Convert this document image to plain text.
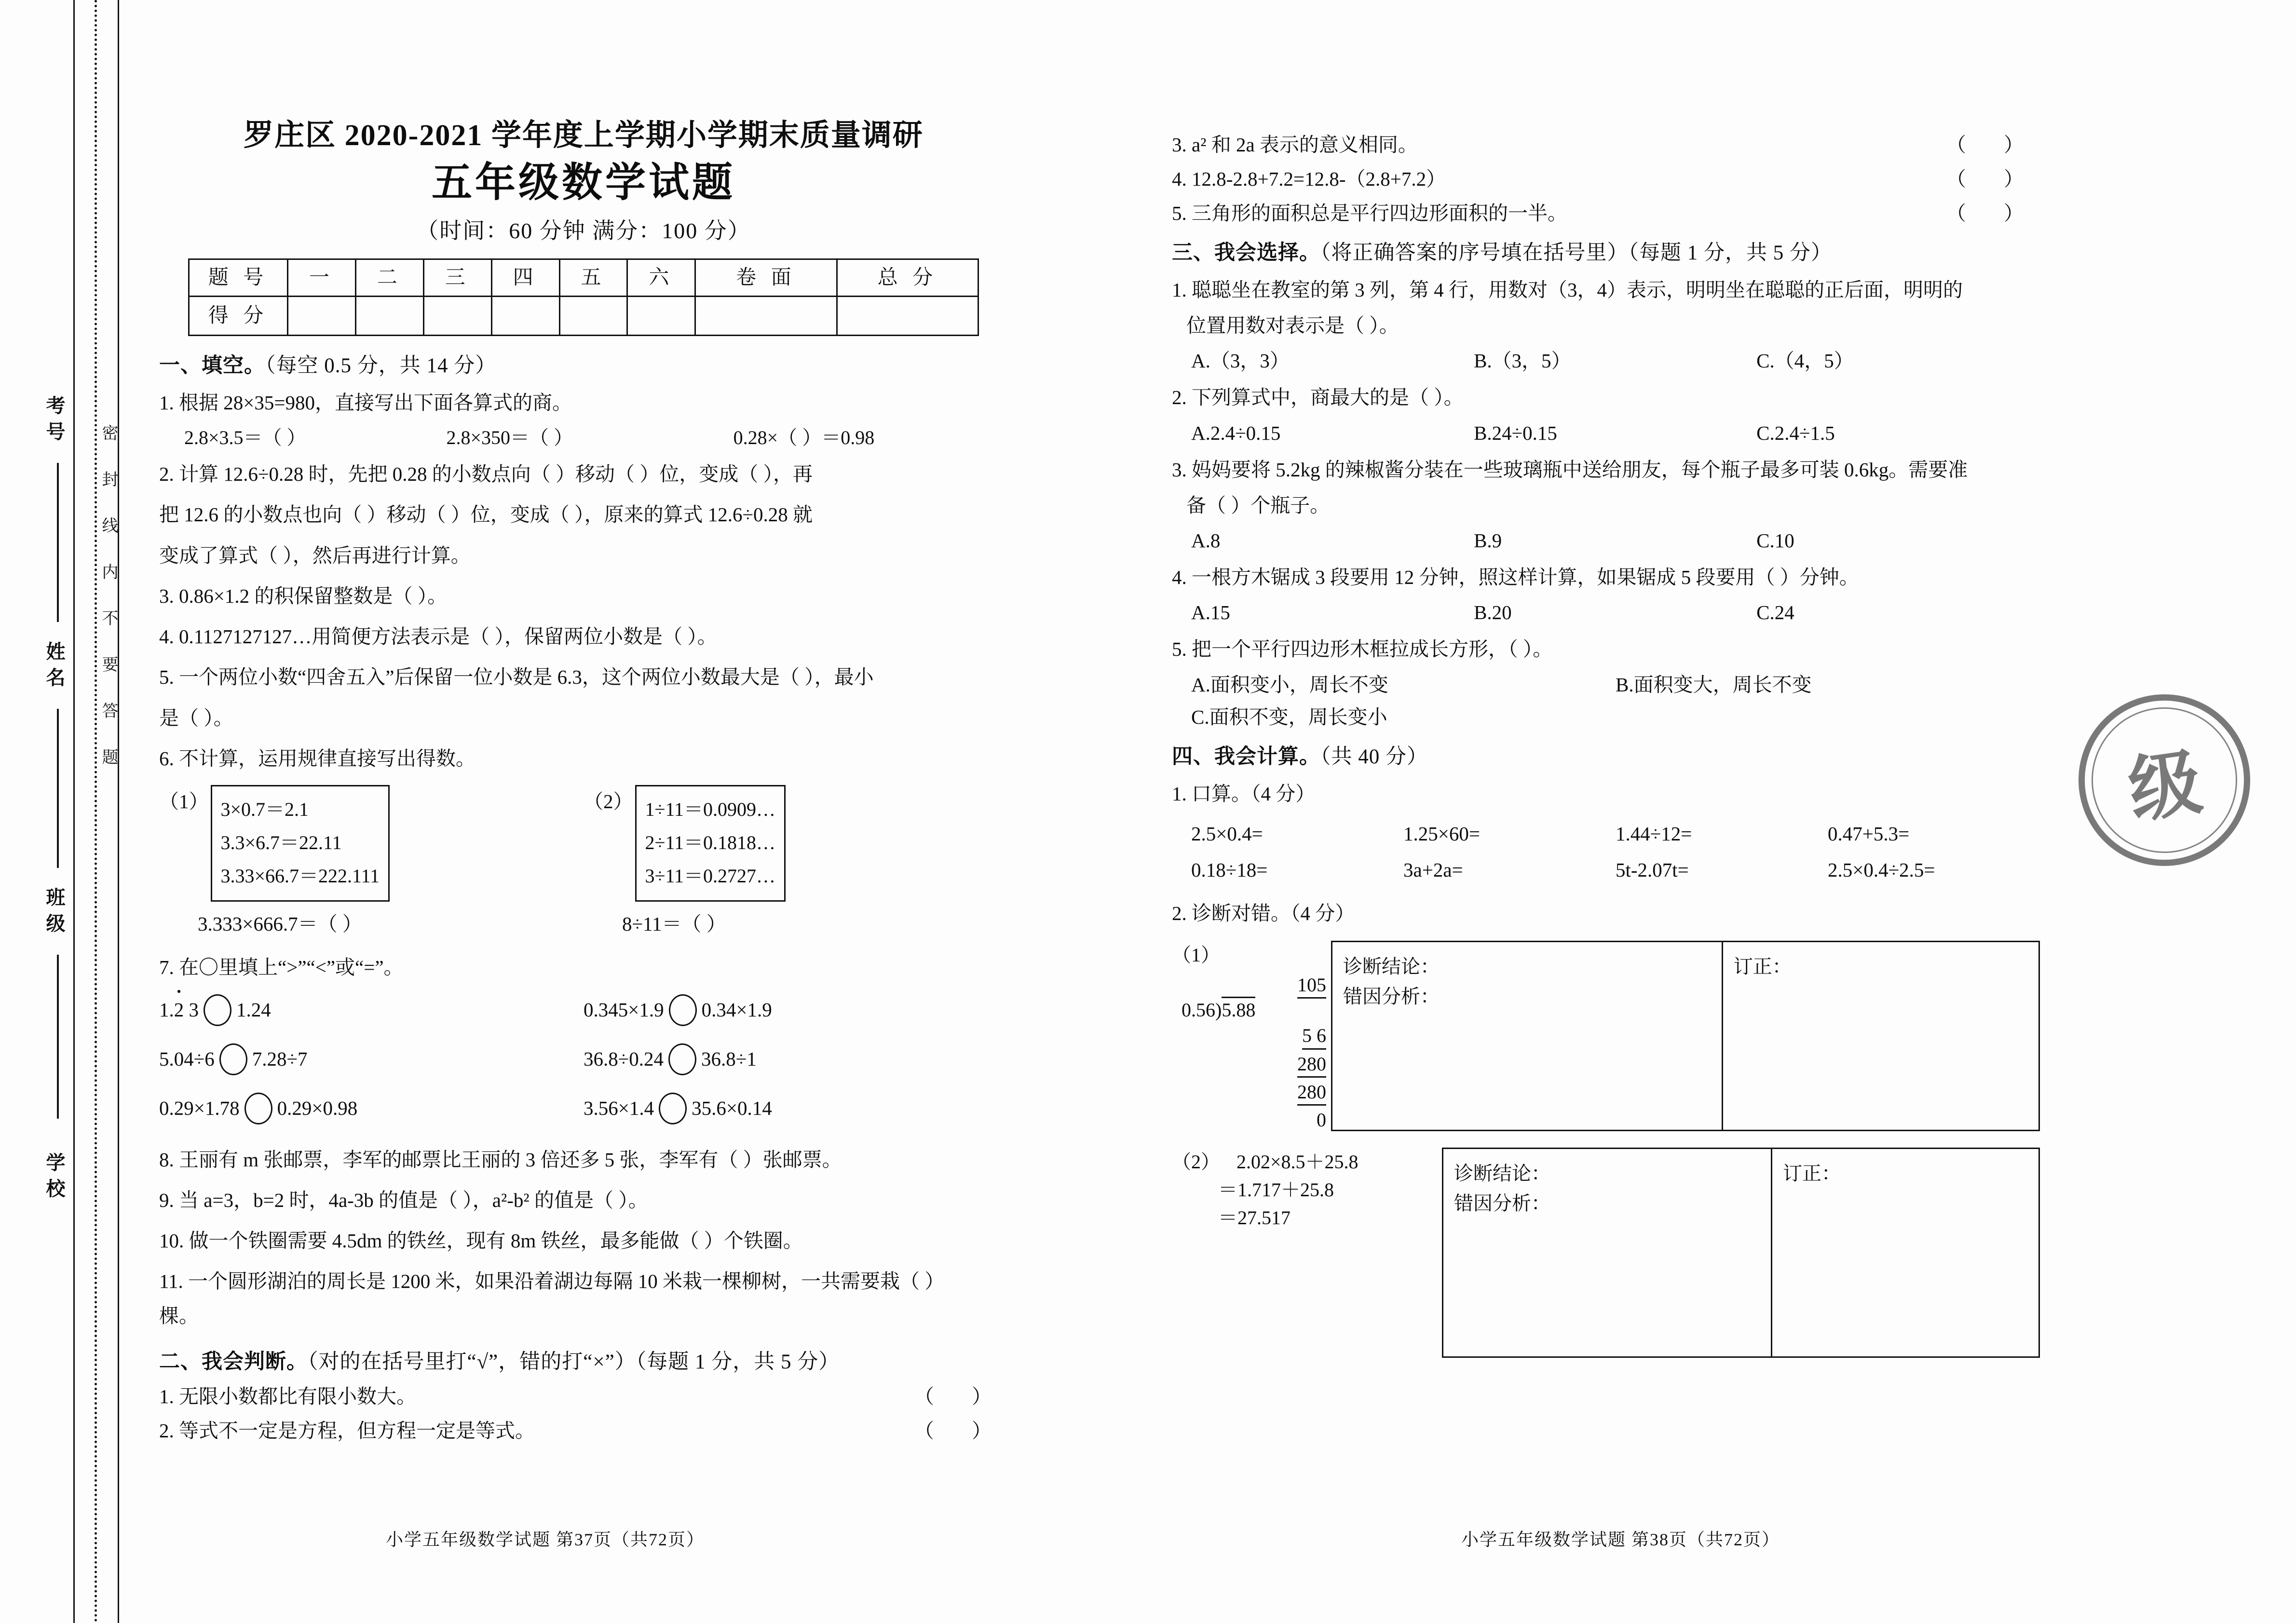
考号
姓名
班级
学校
密封线内不要答题
罗庄区 2020-2021 学年度上学期小学期末质量调研
五年级数学试题
（时间：60 分钟 满分：100 分）
题 号	一	二	三	四	五	六	卷 面	总 分
得 分								
一、填空。（每空 0.5 分，共 14 分）
1. 根据 28×35=980，直接写出下面各算式的商。
2.8×3.5＝（ ）	2.8×350＝（ ）	0.28×（ ）＝0.98
2. 计算 12.6÷0.28 时，先把 0.28 的小数点向（ ）移动（ ）位，变成（ ），再
把 12.6 的小数点也向（ ）移动（ ）位，变成（ ），原来的算式 12.6÷0.28 就
变成了算式（ ），然后再进行计算。
3. 0.86×1.2 的积保留整数是（ ）。
4. 0.1127127127…用简便方法表示是（ ），保留两位小数是（ ）。
5. 一个两位小数“四舍五入”后保留一位小数是 6.3，这个两位小数最大是（ ），最小
是（ ）。
6. 不计算，运用规律直接写出得数。
（1） 3×0.7＝2.1
3.3×6.7＝22.11
3.33×66.7＝222.111
3.333×666.7＝（ ）
（2） 1÷11＝0.0909…
2÷11＝0.1818…
3÷11＝0.2727…
8÷11＝（ ）
7. 在〇里填上“>”“<”或“=”。
• 1.2 3 1.24
5.04÷6 7.28÷7
0.29×1.78 0.29×0.98
0.345×1.9 0.34×1.9
36.8÷0.24 36.8÷1
3.56×1.4 35.6×0.14
8. 王丽有 m 张邮票，李军的邮票比王丽的 3 倍还多 5 张，李军有（ ）张邮票。
9. 当 a=3，b=2 时，4a-3b 的值是（ ），a²-b² 的值是（ ）。
10. 做一个铁圈需要 4.5dm 的铁丝，现有 8m 铁丝，最多能做（ ）个铁圈。
11. 一个圆形湖泊的周长是 1200 米，如果沿着湖边每隔 10 米栽一棵柳树，一共需要栽（ ）
棵。
二、我会判断。（对的在括号里打“√”，错的打“×”）（每题 1 分，共 5 分）
1. 无限小数都比有限小数大。	（ ）
2. 等式不一定是方程，但方程一定是等式。	（ ）
小学五年级数学试题 第37页（共72页）
3. a² 和 2a 表示的意义相同。	（ ）
4. 12.8-2.8+7.2=12.8-（2.8+7.2）	（ ）
5. 三角形的面积总是平行四边形面积的一半。	（ ）
三、我会选择。（将正确答案的序号填在括号里）（每题 1 分，共 5 分）
1. 聪聪坐在教室的第 3 列，第 4 行，用数对（3，4）表示，明明坐在聪聪的正后面，明明的
位置用数对表示是（ ）。
A.（3，3）	B.（3，5）	C.（4，5）
2. 下列算式中，商最大的是（ ）。
A.2.4÷0.15	B.24÷0.15	C.2.4÷1.5
3. 妈妈要将 5.2kg 的辣椒酱分装在一些玻璃瓶中送给朋友，每个瓶子最多可装 0.6kg。需要准
备（ ）个瓶子。
A.8	B.9	C.10
4. 一根方木锯成 3 段要用 12 分钟，照这样计算，如果锯成 5 段要用（ ）分钟。
A.15	B.20	C.24
5. 把一个平行四边形木框拉成长方形，（ ）。
A.面积变小，周长不变	B.面积变大，周长不变
C.面积不变，周长变小
四、我会计算。（共 40 分）
1. 口算。（4 分）
2.5×0.4=	1.25×60=	1.44÷12=	0.47+5.3=
0.18÷18=	3a+2a=	5t-2.07t=	2.5×0.4÷2.5=
2. 诊断对错。（4 分）
（1）
105
0.56)5.88
5 6
280
280
0
诊断结论：
错因分析：
订正：
（2） 2.02×8.5＋25.8
＝1.717＋25.8
＝27.517
诊断结论：
错因分析：
订正：
小学五年级数学试题 第38页（共72页）
级
